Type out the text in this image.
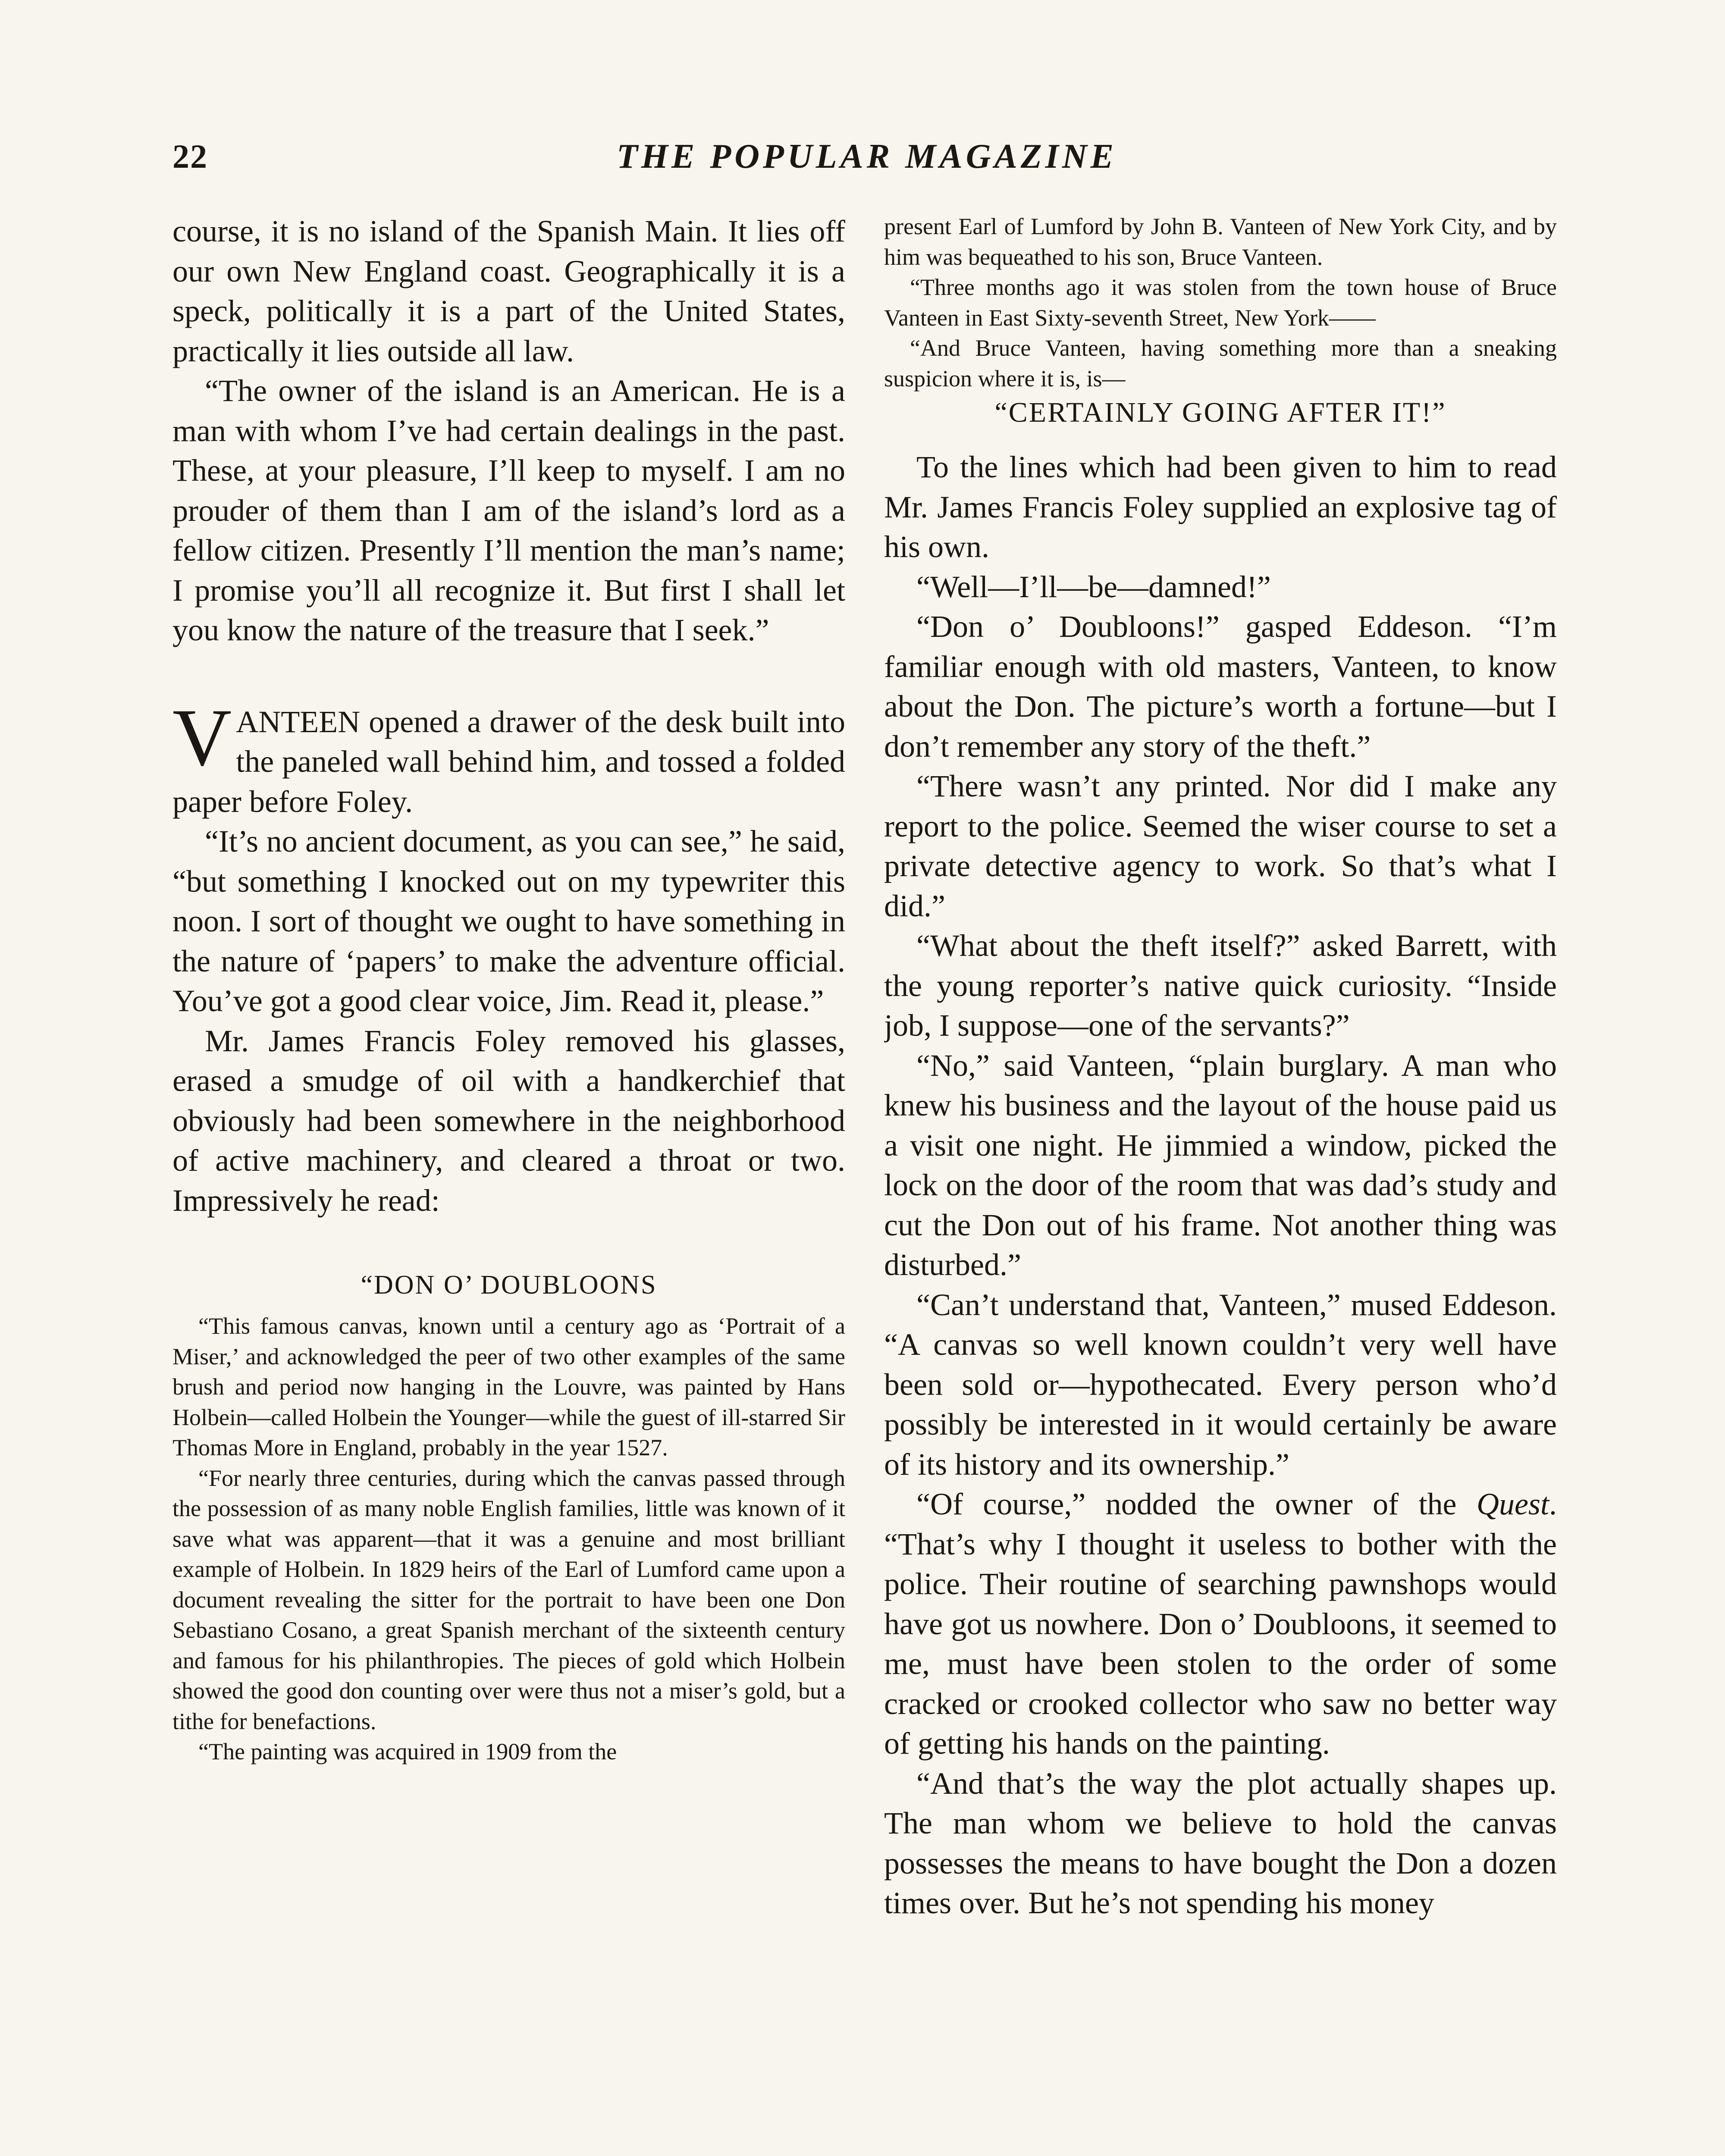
22	THE POPULAR MAGAZINE

course, it is no island of the Spanish Main. It lies off our own New England coast. Geographically it is a speck, politically it is a part of the United States, practically it lies outside all law.

“The owner of the island is an American. He is a man with whom I’ve had certain dealings in the past. These, at your pleasure, I’ll keep to myself. I am no prouder of them than I am of the island’s lord as a fellow citizen. Presently I’ll mention the man’s name; I promise you’ll all recognize it. But first I shall let you know the nature of the treasure that I seek.”

VANTEEN opened a drawer of the desk built into the paneled wall behind him, and tossed a folded paper before Foley.

“It’s no ancient document, as you can see,” he said, “but something I knocked out on my typewriter this noon. I sort of thought we ought to have something in the nature of ‘papers’ to make the adventure official. You’ve got a good clear voice, Jim. Read it, please.”

Mr. James Francis Foley removed his glasses, erased a smudge of oil with a handkerchief that obviously had been somewhere in the neighborhood of active machinery, and cleared a throat or two. Impressively he read:

“DON O’ DOUBLOONS

“This famous canvas, known until a century ago as ‘Portrait of a Miser,’ and acknowledged the peer of two other examples of the same brush and period now hanging in the Louvre, was painted by Hans Holbein—called Holbein the Younger—while the guest of ill-starred Sir Thomas More in England, probably in the year 1527.

“For nearly three centuries, during which the canvas passed through the possession of as many noble English families, little was known of it save what was apparent—that it was a genuine and most brilliant example of Holbein. In 1829 heirs of the Earl of Lumford came upon a document revealing the sitter for the portrait to have been one Don Sebastiano Cosano, a great Spanish merchant of the sixteenth century and famous for his philanthropies. The pieces of gold which Holbein showed the good don counting over were thus not a miser’s gold, but a tithe for benefactions.

“The painting was acquired in 1909 from the

present Earl of Lumford by John B. Vanteen of New York City, and by him was bequeathed to his son, Bruce Vanteen.

“Three months ago it was stolen from the town house of Bruce Vanteen in East Sixty-seventh Street, New York——

“And Bruce Vanteen, having something more than a sneaking suspicion where it is, is—

“CERTAINLY GOING AFTER IT!”

To the lines which had been given to him to read Mr. James Francis Foley supplied an explosive tag of his own.

“Well—I’ll—be—damned!”

“Don o’ Doubloons!” gasped Eddeson. “I’m familiar enough with old masters, Vanteen, to know about the Don. The picture’s worth a fortune—but I don’t remember any story of the theft.”

“There wasn’t any printed. Nor did I make any report to the police. Seemed the wiser course to set a private detective agency to work. So that’s what I did.”

“What about the theft itself?” asked Barrett, with the young reporter’s native quick curiosity. “Inside job, I suppose—one of the servants?”

“No,” said Vanteen, “plain burglary. A man who knew his business and the layout of the house paid us a visit one night. He jimmied a window, picked the lock on the door of the room that was dad’s study and cut the Don out of his frame. Not another thing was disturbed.”

“Can’t understand that, Vanteen,” mused Eddeson. “A canvas so well known couldn’t very well have been sold or—hypothecated. Every person who’d possibly be interested in it would certainly be aware of its history and its ownership.”

“Of course,” nodded the owner of the Quest. “That’s why I thought it useless to bother with the police. Their routine of searching pawnshops would have got us nowhere. Don o’ Doubloons, it seemed to me, must have been stolen to the order of some cracked or crooked collector who saw no better way of getting his hands on the painting.

“And that’s the way the plot actually shapes up. The man whom we believe to hold the canvas possesses the means to have bought the Don a dozen times over. But he’s not spending his money
